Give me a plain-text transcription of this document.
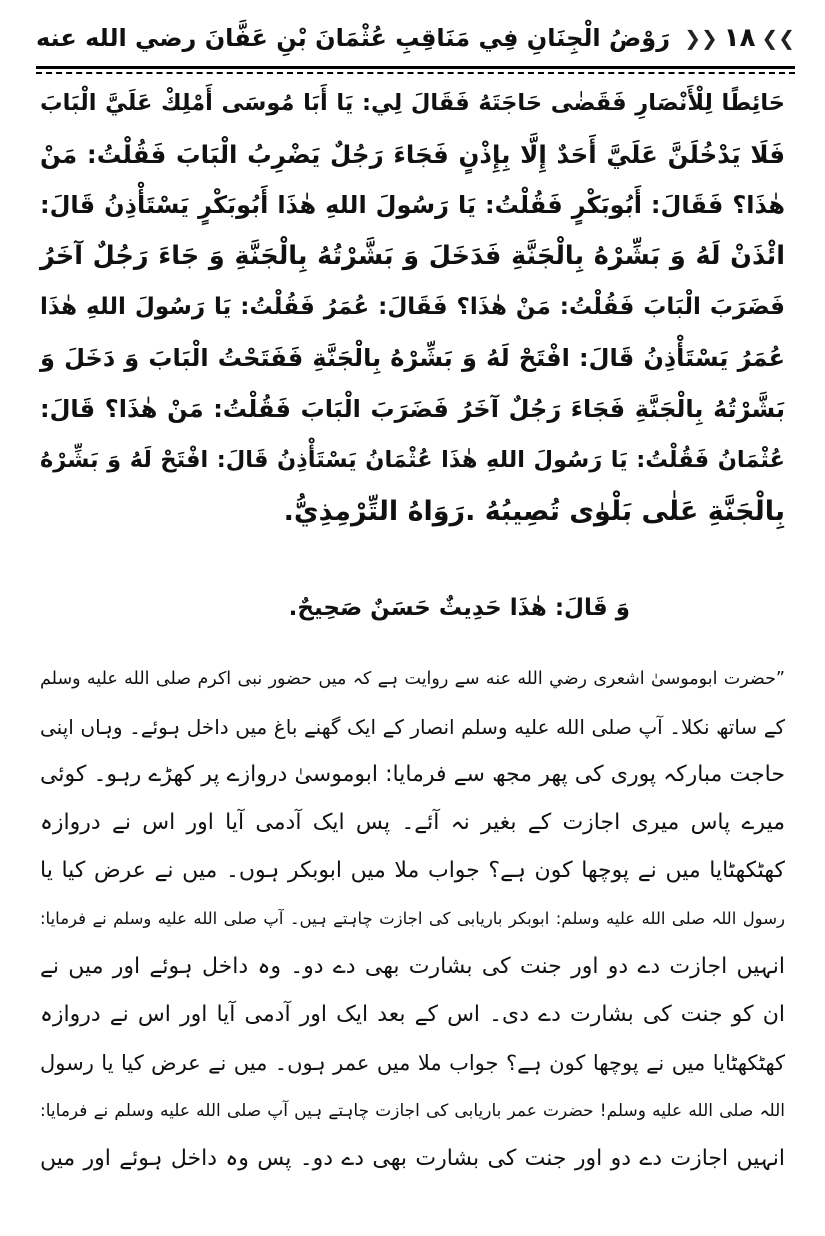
❯❯
۱۸
❮❮
رَوْضُ الْجِنَانِ فِي مَنَاقِبِ عُثْمَانَ بْنِ عَفَّانَ رضي الله عنه
حَائِطًا لِلْأَنْصَارِ فَقَضٰى حَاجَتَهُ فَقَالَ لِي: يَا أَبَا مُوسَى أَمْلِكْ عَلَيَّ الْبَابَ
فَلَا يَدْخُلَنَّ عَلَيَّ أَحَدٌ إِلَّا بِإِذْنٍ فَجَاءَ رَجُلٌ يَضْرِبُ الْبَابَ فَقُلْتُ: مَنْ
هٰذَا؟ فَقَالَ: أَبُوبَكْرٍ فَقُلْتُ: يَا رَسُولَ اللهِ هٰذَا أَبُوبَكْرٍ يَسْتَأْذِنُ قَالَ:
ائْذَنْ لَهُ وَ بَشِّرْهُ بِالْجَنَّةِ فَدَخَلَ وَ بَشَّرْتُهُ بِالْجَنَّةِ وَ جَاءَ رَجُلٌ آخَرُ
فَضَرَبَ الْبَابَ فَقُلْتُ: مَنْ هٰذَا؟ فَقَالَ: عُمَرُ فَقُلْتُ: يَا رَسُولَ اللهِ هٰذَا
عُمَرُ يَسْتَأْذِنُ قَالَ: افْتَحْ لَهُ وَ بَشِّرْهُ بِالْجَنَّةِ فَفَتَحْتُ الْبَابَ وَ دَخَلَ وَ
بَشَّرْتُهُ بِالْجَنَّةِ فَجَاءَ رَجُلٌ آخَرُ فَضَرَبَ الْبَابَ فَقُلْتُ: مَنْ هٰذَا؟ قَالَ:
عُثْمَانُ فَقُلْتُ: يَا رَسُولَ اللهِ هٰذَا عُثْمَانُ يَسْتَأْذِنُ قَالَ: افْتَحْ لَهُ وَ بَشِّرْهُ
بِالْجَنَّةِ عَلٰى بَلْوٰى تُصِيبُهُ .رَوَاهُ التِّرْمِذِيُّ.
وَ قَالَ: هٰذَا حَدِيثٌ حَسَنٌ صَحِيحٌ.
”حضرت ابوموسیٰ اشعری رضي الله عنه سے روایت ہے کہ میں حضور نبی اکرم صلى الله عليه وسلم
کے ساتھ نکلا۔ آپ صلى الله عليه وسلم انصار کے ایک گھنے باغ میں داخل ہوئے۔ وہاں اپنی
حاجت مبارکہ پوری کی پھر مجھ سے فرمایا: ابوموسیٰ دروازے پر کھڑے رہو۔ کوئی
میرے پاس میری اجازت کے بغیر نہ آئے۔ پس ایک آدمی آیا اور اس نے دروازہ
کھٹکھٹایا میں نے پوچھا کون ہے؟ جواب ملا میں ابوبکر ہوں۔ میں نے عرض کیا یا
رسول اللہ صلى الله عليه وسلم: ابوبکر باریابی کی اجازت چاہتے ہیں۔ آپ صلى الله عليه وسلم نے فرمایا:
انہیں اجازت دے دو اور جنت کی بشارت بھی دے دو۔ وہ داخل ہوئے اور میں نے
ان کو جنت کی بشارت دے دی۔ اس کے بعد ایک اور آدمی آیا اور اس نے دروازہ
کھٹکھٹایا میں نے پوچھا کون ہے؟ جواب ملا میں عمر ہوں۔ میں نے عرض کیا یا رسول
اللہ صلى الله عليه وسلم! حضرت عمر باریابی کی اجازت چاہتے ہیں آپ صلى الله عليه وسلم نے فرمایا:
انہیں اجازت دے دو اور جنت کی بشارت بھی دے دو۔ پس وہ داخل ہوئے اور میں
